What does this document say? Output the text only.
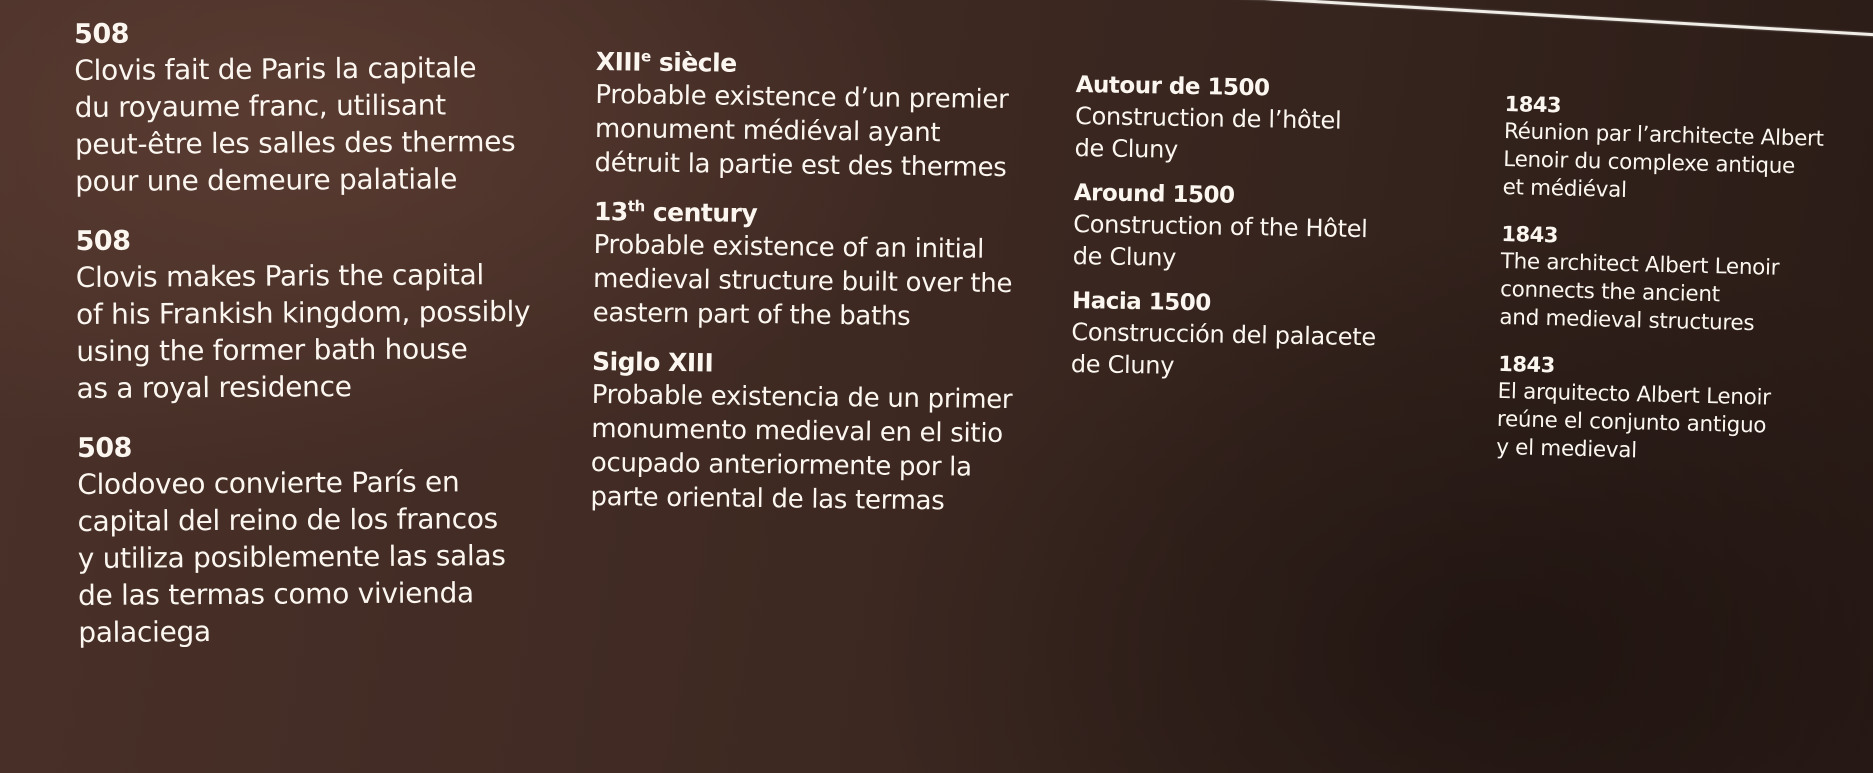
508
Clovis fait de Paris la capitale
du royaume franc, utilisant
peut-être les salles des thermes
pour une demeure palatiale
508
Clovis makes Paris the capital
of his Frankish kingdom, possibly
using the former bath house
as a royal residence
508
Clodoveo convierte París en
capital del reino de los francos
y utiliza posiblemente las salas
de las termas como vivienda
palaciega
XIIIe siècle
Probable existence d’un premier
monument médiéval ayant
détruit la partie est des thermes
13th century
Probable existence of an initial
medieval structure built over the
eastern part of the baths
Siglo XIII
Probable existencia de un primer
monumento medieval en el sitio
ocupado anteriormente por la
parte oriental de las termas
Autour de 1500
Construction de l’hôtel
de Cluny
Around 1500
Construction of the Hôtel
de Cluny
Hacia 1500
Construcción del palacete
de Cluny
1843
Réunion par l’architecte Albert
Lenoir du complexe antique
et médiéval
1843
The architect Albert Lenoir
connects the ancient
and medieval structures
1843
El arquitecto Albert Lenoir
reúne el conjunto antiguo
y el medieval
